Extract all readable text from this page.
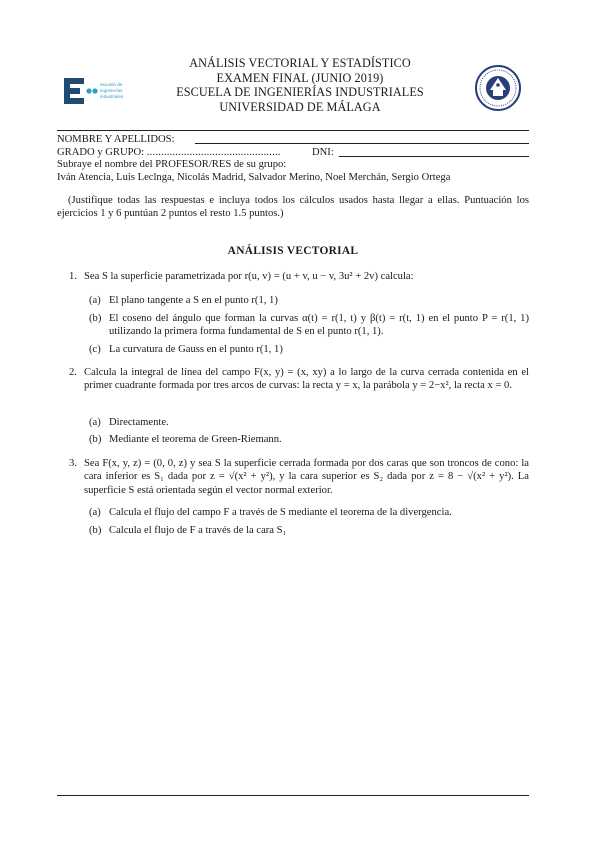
escuela de
ingenierías
industriales
ANÁLISIS VECTORIAL Y ESTADÍSTICO
EXAMEN FINAL (JUNIO 2019)
ESCUELA DE INGENIERÍAS INDUSTRIALES
UNIVERSIDAD DE MÁLAGA
NOMBRE Y APELLIDOS:
GRADO y GRUPO: ...............................................	DNI:
Subraye el nombre del PROFESOR/RES de su grupo:
Iván Atencia, Luis Leclnga, Nicolás Madrid, Salvador Merino, Noel Merchán, Sergio Ortega
(Justifique todas las respuestas e incluya todos los cálculos usados hasta llegar a ellas. Puntuación los ejercicios 1 y 6 puntúan 2 puntos el resto 1.5 puntos.)
ANÁLISIS VECTORIAL
1. Sea S la superficie parametrizada por r(u, v) = (u + v, u − v, 3u² + 2v) calcula:
(a) El plano tangente a S en el punto r(1, 1)
(b) El coseno del ángulo que forman la curvas α(t) = r(1, t) y β(t) = r(t, 1) en el punto P = r(1, 1) utilizando la primera forma fundamental de S en el punto r(1, 1).
(c) La curvatura de Gauss en el punto r(1, 1)
2. Calcula la integral de línea del campo F(x, y) = (x, xy) a lo largo de la curva cerrada contenida en el primer cuadrante formada por tres arcos de curvas: la recta y = x, la parábola y = 2−x², la recta x = 0.
(a) Directamente.
(b) Mediante el teorema de Green-Riemann.
3. Sea F(x, y, z) = (0, 0, z) y sea S la superficie cerrada formada por dos caras que son troncos de cono: la cara inferior es S₁ dada por z = √(x² + y²), y la cara superior es S₂ dada por z = 8 − √(x² + y²). La superficie S está orientada según el vector normal exterior.
(a) Calcula el flujo del campo F a través de S mediante el teorema de la divergencia.
(b) Calcula el flujo de F a través de la cara S₁
